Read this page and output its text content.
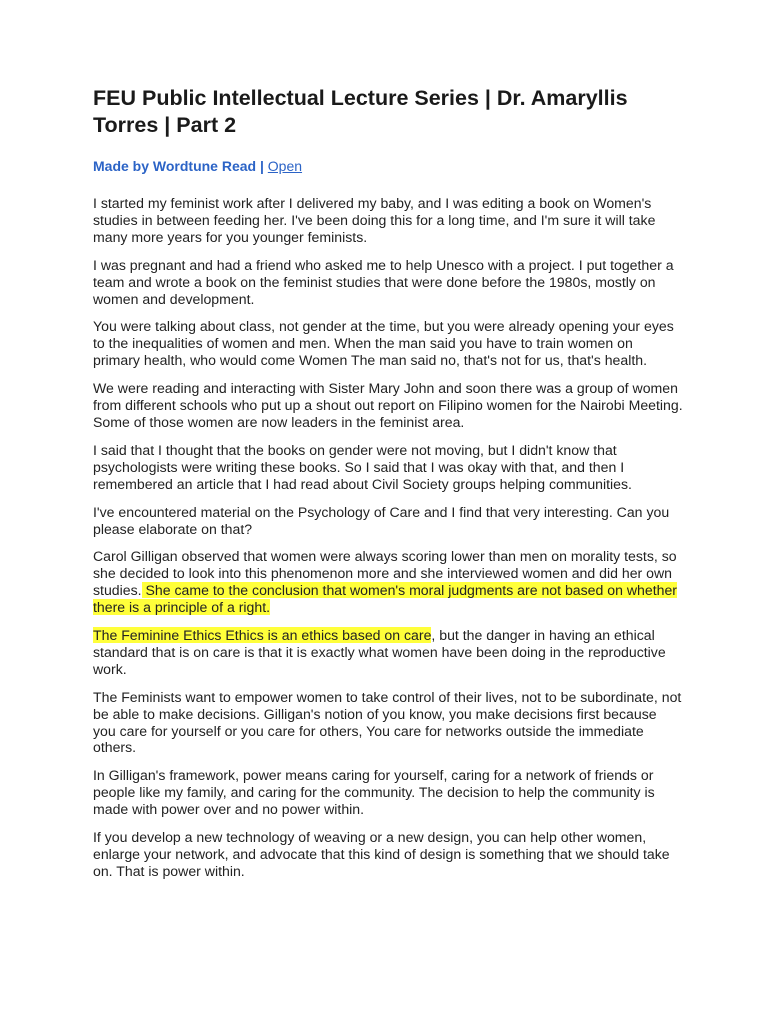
FEU Public Intellectual Lecture Series | Dr. Amaryllis Torres | Part 2
Made by Wordtune Read | Open

I started my feminist work after I delivered my baby, and I was editing a book on Women's studies in between feeding her. I've been doing this for a long time, and I'm sure it will take many more years for you younger feminists.

I was pregnant and had a friend who asked me to help Unesco with a project. I put together a team and wrote a book on the feminist studies that were done before the 1980s, mostly on women and development.

You were talking about class, not gender at the time, but you were already opening your eyes to the inequalities of women and men. When the man said you have to train women on primary health, who would come Women The man said no, that's not for us, that's health.

We were reading and interacting with Sister Mary John and soon there was a group of women from different schools who put up a shout out report on Filipino women for the Nairobi Meeting. Some of those women are now leaders in the feminist area.

I said that I thought that the books on gender were not moving, but I didn't know that psychologists were writing these books. So I said that I was okay with that, and then I remembered an article that I had read about Civil Society groups helping communities.

I've encountered material on the Psychology of Care and I find that very interesting. Can you please elaborate on that?

Carol Gilligan observed that women were always scoring lower than men on morality tests, so she decided to look into this phenomenon more and she interviewed women and did her own studies. She came to the conclusion that women's moral judgments are not based on whether there is a principle of a right.

The Feminine Ethics Ethics is an ethics based on care, but the danger in having an ethical standard that is on care is that it is exactly what women have been doing in the reproductive work.

The Feminists want to empower women to take control of their lives, not to be subordinate, not be able to make decisions. Gilligan's notion of you know, you make decisions first because you care for yourself or you care for others, You care for networks outside the immediate others.

In Gilligan's framework, power means caring for yourself, caring for a network of friends or people like my family, and caring for the community. The decision to help the community is made with power over and no power within.

If you develop a new technology of weaving or a new design, you can help other women, enlarge your network, and advocate that this kind of design is something that we should take on. That is power within.
